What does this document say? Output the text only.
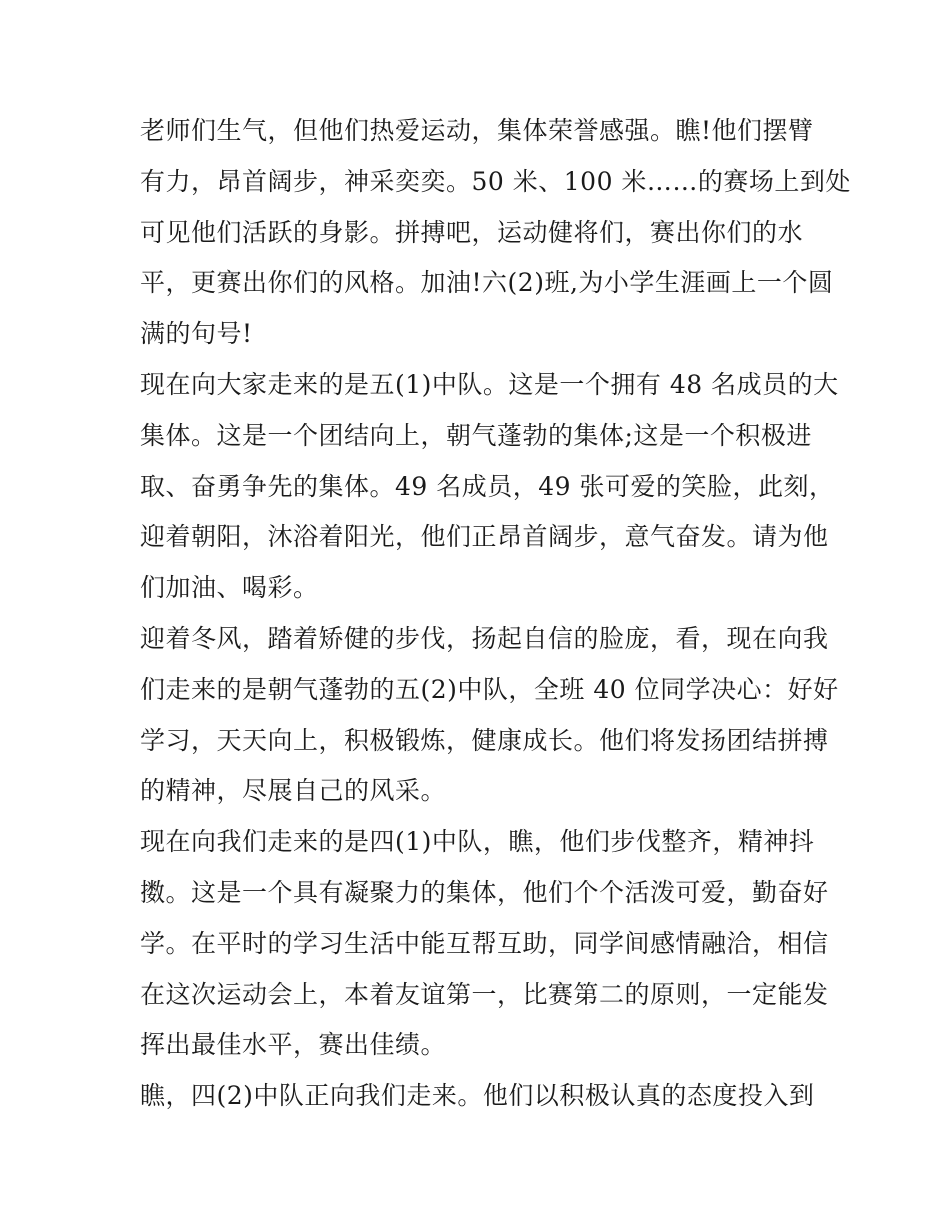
老师们生气，但他们热爱运动，集体荣誉感强。瞧!他们摆臂
有力，昂首阔步，神采奕奕。50 米、100 米……的赛场上到处
可见他们活跃的身影。拼搏吧，运动健将们，赛出你们的水
平，更赛出你们的风格。加油!六(2)班,为小学生涯画上一个圆
满的句号!
现在向大家走来的是五(1)中队。这是一个拥有 48 名成员的大
集体。这是一个团结向上，朝气蓬勃的集体;这是一个积极进
取、奋勇争先的集体。49 名成员，49 张可爱的笑脸，此刻，
迎着朝阳，沐浴着阳光，他们正昂首阔步，意气奋发。请为他
们加油、喝彩。
迎着冬风，踏着矫健的步伐，扬起自信的脸庞，看，现在向我
们走来的是朝气蓬勃的五(2)中队，全班 40 位同学决心：好好
学习，天天向上，积极锻炼，健康成长。他们将发扬团结拼搏
的精神，尽展自己的风采。
现在向我们走来的是四(1)中队，瞧，他们步伐整齐，精神抖
擞。这是一个具有凝聚力的集体，他们个个活泼可爱，勤奋好
学。在平时的学习生活中能互帮互助，同学间感情融洽，相信
在这次运动会上，本着友谊第一，比赛第二的原则，一定能发
挥出最佳水平，赛出佳绩。
瞧，四(2)中队正向我们走来。他们以积极认真的态度投入到
